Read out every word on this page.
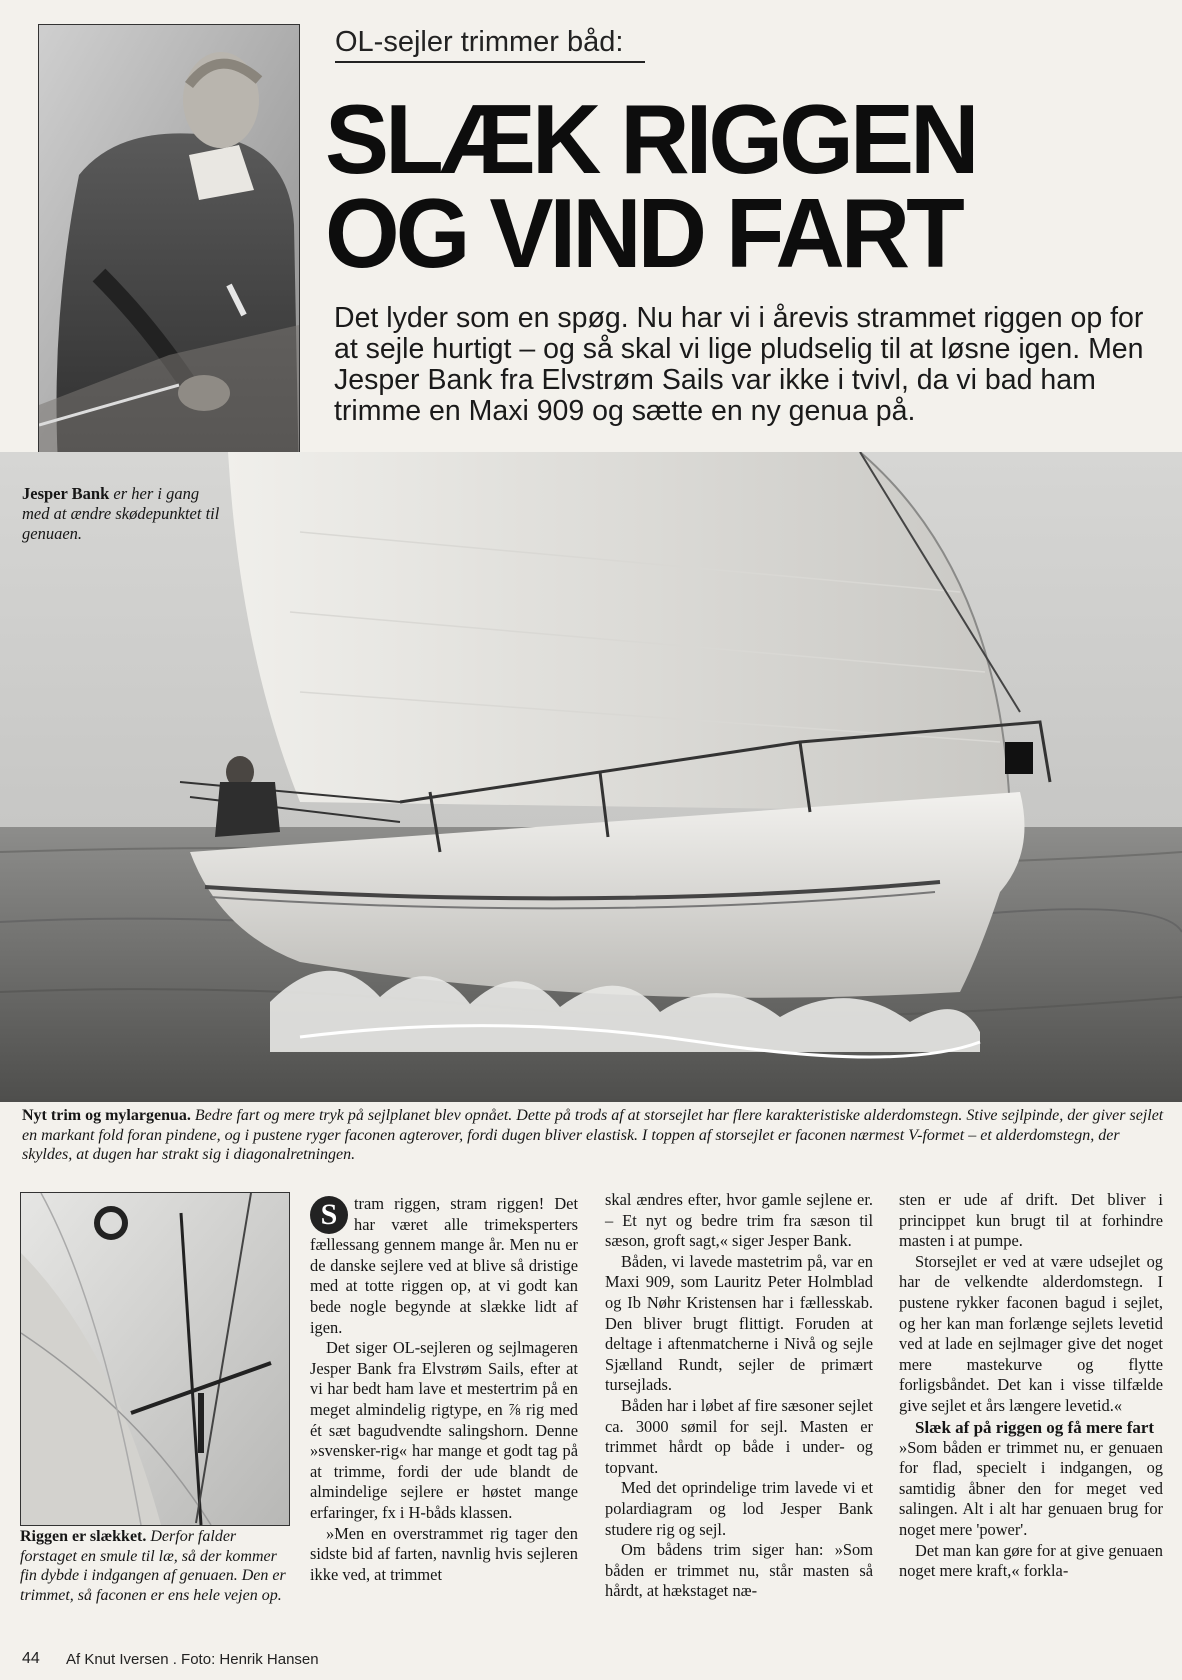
OL-sejler trimmer båd:
SLÆK RIGGEN
OG VIND FART
Det lyder som en spøg. Nu har vi i årevis strammet riggen op for at sejle hurtigt – og så skal vi lige pludselig til at løsne igen. Men Jesper Bank fra Elvstrøm Sails var ikke i tvivl, da vi bad ham trimme en Maxi 909 og sætte en ny genua på.
Jesper Bank er her i gang med at ændre skødepunktet til genuaen.
Nyt trim og mylargenua. Bedre fart og mere tryk på sejlplanet blev opnået. Dette på trods af at storsejlet har flere karakteristiske alderdomstegn. Stive sejlpinde, der giver sejlet en markant fold foran pindene, og i pustene ryger faconen agterover, fordi dugen bliver elastisk. I toppen af storsejlet er faconen nærmest V-formet – et alderdomstegn, der skyldes, at dugen har strakt sig i diagonalretningen.
Riggen er slækket. Derfor falder forstaget en smule til læ, så der kommer fin dybde i indgangen af genuaen. Den er trimmet, så faconen er ens hele vejen op.

S	tram riggen, stram riggen! Det har været alle trimeksperters fællessang gennem mange år. Men nu er de danske sejlere ved at blive så dristige med at totte riggen op, at vi godt kan bede nogle begynde at slække lidt af igen.

Det siger OL-sejleren og sejlmageren Jesper Bank fra Elvstrøm Sails, efter at vi har bedt ham lave et mestertrim på en meget almindelig rigtype, en ⅞ rig med ét sæt bagudvendte salingshorn. Denne »svensker-rig« har mange et godt tag på at trimme, fordi der ude blandt de almindelige sejlere er høstet mange erfaringer, fx i H-båds klassen.

»Men en overstrammet rig tager den sidste bid af farten, navnlig hvis sejleren ikke ved, at trimmet

skal ændres efter, hvor gamle sejlene er. – Et nyt og bedre trim fra sæson til sæson, groft sagt,« siger Jesper Bank.

Båden, vi lavede mastetrim på, var en Maxi 909, som Lauritz Peter Holmblad og Ib Nøhr Kristensen har i fællesskab. Den bliver brugt flittigt. Foruden at deltage i aftenmatcherne i Nivå og sejle Sjælland Rundt, sejler de primært tursejlads.

Båden har i løbet af fire sæsoner sejlet ca. 3000 sømil for sejl. Masten er trimmet hårdt op både i under- og topvant.

Med det oprindelige trim lavede vi et polardiagram og lod Jesper Bank studere rig og sejl.

Om bådens trim siger han: »Som båden er trimmet nu, står masten så hårdt, at hækstaget næ-

sten er ude af drift. Det bliver i princippet kun brugt til at forhindre masten i at pumpe.

Storsejlet er ved at være udsejlet og har de velkendte alderdomstegn. I pustene rykker faconen bagud i sejlet, og her kan man forlænge sejlets levetid ved at lade en sejlmager give det noget mere mastekurve og flytte forligsbåndet. Det kan i visse tilfælde give sejlet et års længere levetid.«

Slæk af på riggen og få mere fart

»Som båden er trimmet nu, er genuaen for flad, specielt i indgangen, og samtidig åbner den for meget ved salingen. Alt i alt har genuaen brug for noget mere 'power'.

Det man kan gøre for at give genuaen noget mere kraft,« forkla-

44 Af Knut Iversen . Foto: Henrik Hansen
